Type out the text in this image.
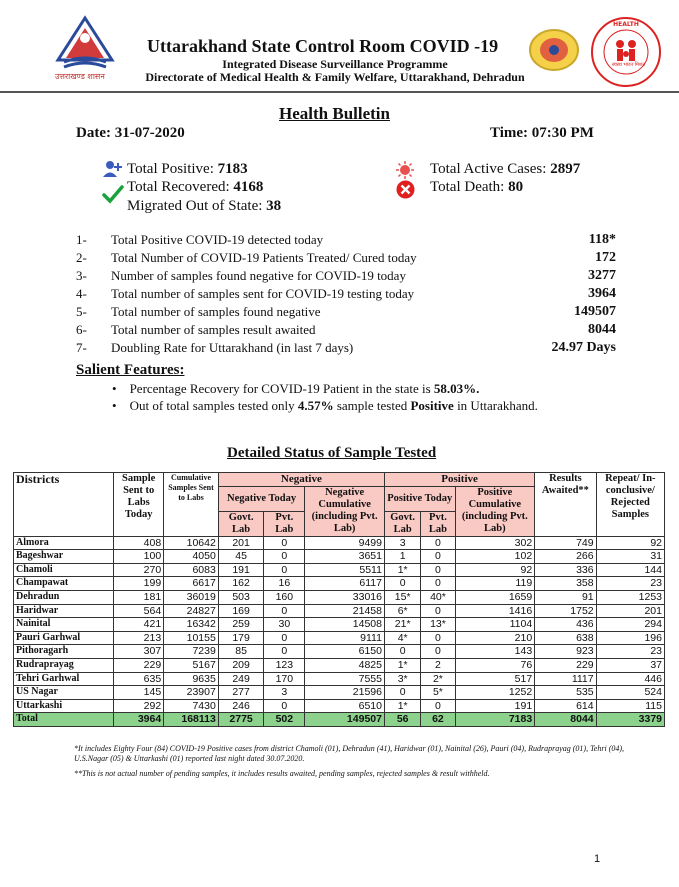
उत्तराखण्ड शासन
Uttarakhand State Control Room COVID -19
Integrated Disease Surveillance Programme
Directorate of Medical Health & Family Welfare, Uttarakhand, Dehradun
HEALTH
स्वस्थ भारत मिशन
Health Bulletin
Date: 31-07-2020	Time: 07:30 PM
Total Positive: 7183
Total Recovered: 4168
Migrated Out of State: 38
Total Active Cases: 2897
Total Death: 80
1- Total Positive COVID-19 detected today	118*
2- Total Number of COVID-19 Patients Treated/ Cured today	172
3- Number of samples found negative for COVID-19 today	3277
4- Total number of samples sent for COVID-19 testing today	3964
5- Total number of samples found negative	149507
6- Total number of samples result awaited	8044
7- Doubling Rate for Uttarakhand (in last 7 days)	24.97 Days
Salient Features:
•    Percentage Recovery for COVID-19 Patient in the state is 58.03%.
•    Out of total samples tested only 4.57% sample tested Positive in Uttarakhand.
Detailed Status of Sample Tested
Districts	Sample Sent to Labs Today	Cumulative Samples Sent to Labs	Negative			Positive			Results Awaited**	Repeat/ In-conclusive/ Rejected Samples
			Negative Today		Negative Cumulative (including Pvt. Lab)	Positive Today		Positive Cumulative (including Pvt. Lab)		
			Govt. Lab	Pvt. Lab		Govt. Lab	Pvt. Lab			
Almora	408	10642	201	0	9499	3	0	302	749	92
Bageshwar	100	4050	45	0	3651	1	0	102	266	31
Chamoli	270	6083	191	0	5511	1*	0	92	336	144
Champawat	199	6617	162	16	6117	0	0	119	358	23
Dehradun	181	36019	503	160	33016	15*	40*	1659	91	1253
Haridwar	564	24827	169	0	21458	6*	0	1416	1752	201
Nainital	421	16342	259	30	14508	21*	13*	1104	436	294
Pauri Garhwal	213	10155	179	0	9111	4*	0	210	638	196
Pithoragarh	307	7239	85	0	6150	0	0	143	923	23
Rudraprayag	229	5167	209	123	4825	1*	2	76	229	37
Tehri Garhwal	635	9635	249	170	7555	3*	2*	517	1117	446
US Nagar	145	23907	277	3	21596	0	5*	1252	535	524
Uttarkashi	292	7430	246	0	6510	1*	0	191	614	115
Total	3964	168113	2775	502	149507	56	62	7183	8044	3379
*It includes Eighty Four (84) COVID-19 Positive cases from district Chamoli (01), Dehradun (41), Haridwar (01), Nainital (26), Pauri (04), Rudraprayag (01), Tehri (04), U.S.Nagar (05) & Uttarkashi (01) reported last night dated 30.07.2020.
**This is not actual number of pending samples, it includes results awaited, pending samples, rejected samples & result withheld.
1
